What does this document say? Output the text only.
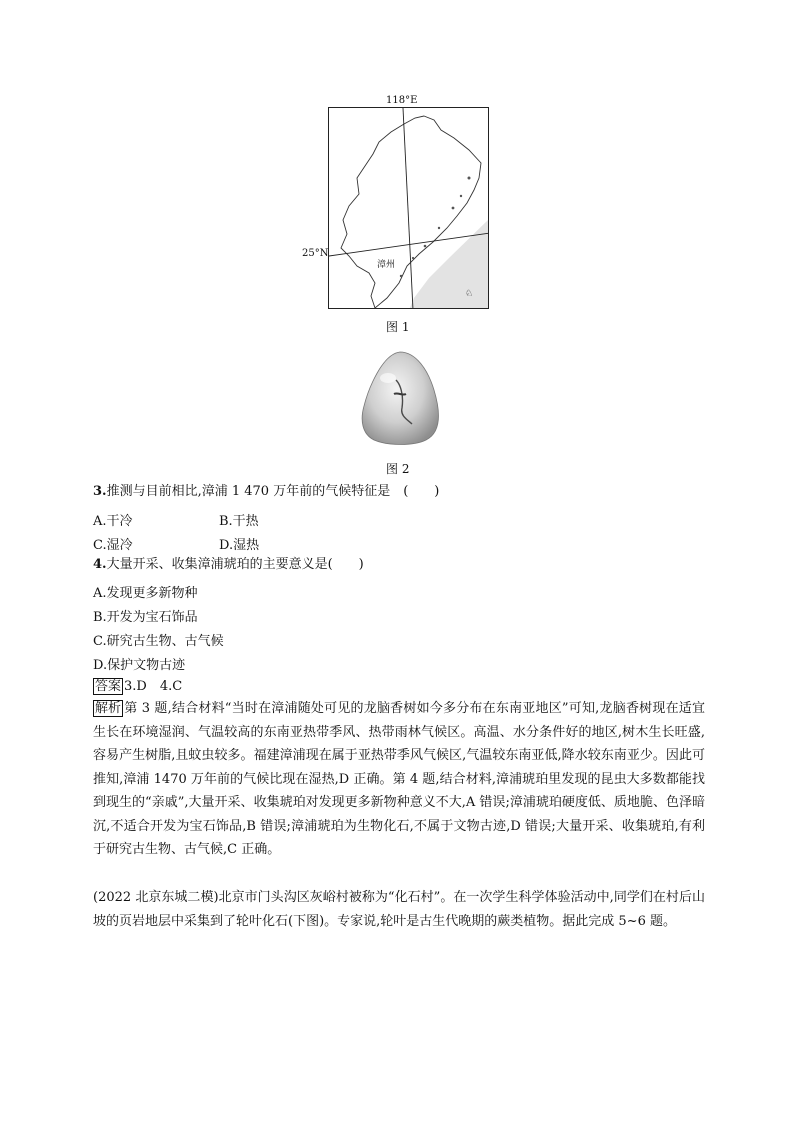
118°E
25°N
漳州
♘
图 1
图 2
3.推测与目前相比,漳浦 1 470 万年前的气候特征是　(　　)
A.干冷	B.干热
C.湿冷	D.湿热
4.大量开采、收集漳浦琥珀的主要意义是(　　)
A.发现更多新物种
B.开发为宝石饰品
C.研究古生物、古气候
D.保护文物古迹
答案 3.D　4.C
解析 第 3 题,结合材料“当时在漳浦随处可见的龙脑香树如今多分布在东南亚地区”可知,龙脑香树现在适宜生长在环境湿润、气温较高的东南亚热带季风、热带雨林气候区。高温、水分条件好的地区,树木生长旺盛,容易产生树脂,且蚊虫较多。福建漳浦现在属于亚热带季风气候区,气温较东南亚低,降水较东南亚少。因此可推知,漳浦 1470 万年前的气候比现在湿热,D 正确。第 4 题,结合材料,漳浦琥珀里发现的昆虫大多数都能找到现生的“亲戚”,大量开采、收集琥珀对发现更多新物种意义不大,A 错误;漳浦琥珀硬度低、质地脆、色泽暗沉,不适合开发为宝石饰品,B 错误;漳浦琥珀为生物化石,不属于文物古迹,D 错误;大量开采、收集琥珀,有利于研究古生物、古气候,C 正确。
(2022 北京东城二模)北京市门头沟区灰峪村被称为“化石村”。在一次学生科学体验活动中,同学们在村后山坡的页岩地层中采集到了轮叶化石(下图)。专家说,轮叶是古生代晚期的蕨类植物。据此完成 5~6 题。
